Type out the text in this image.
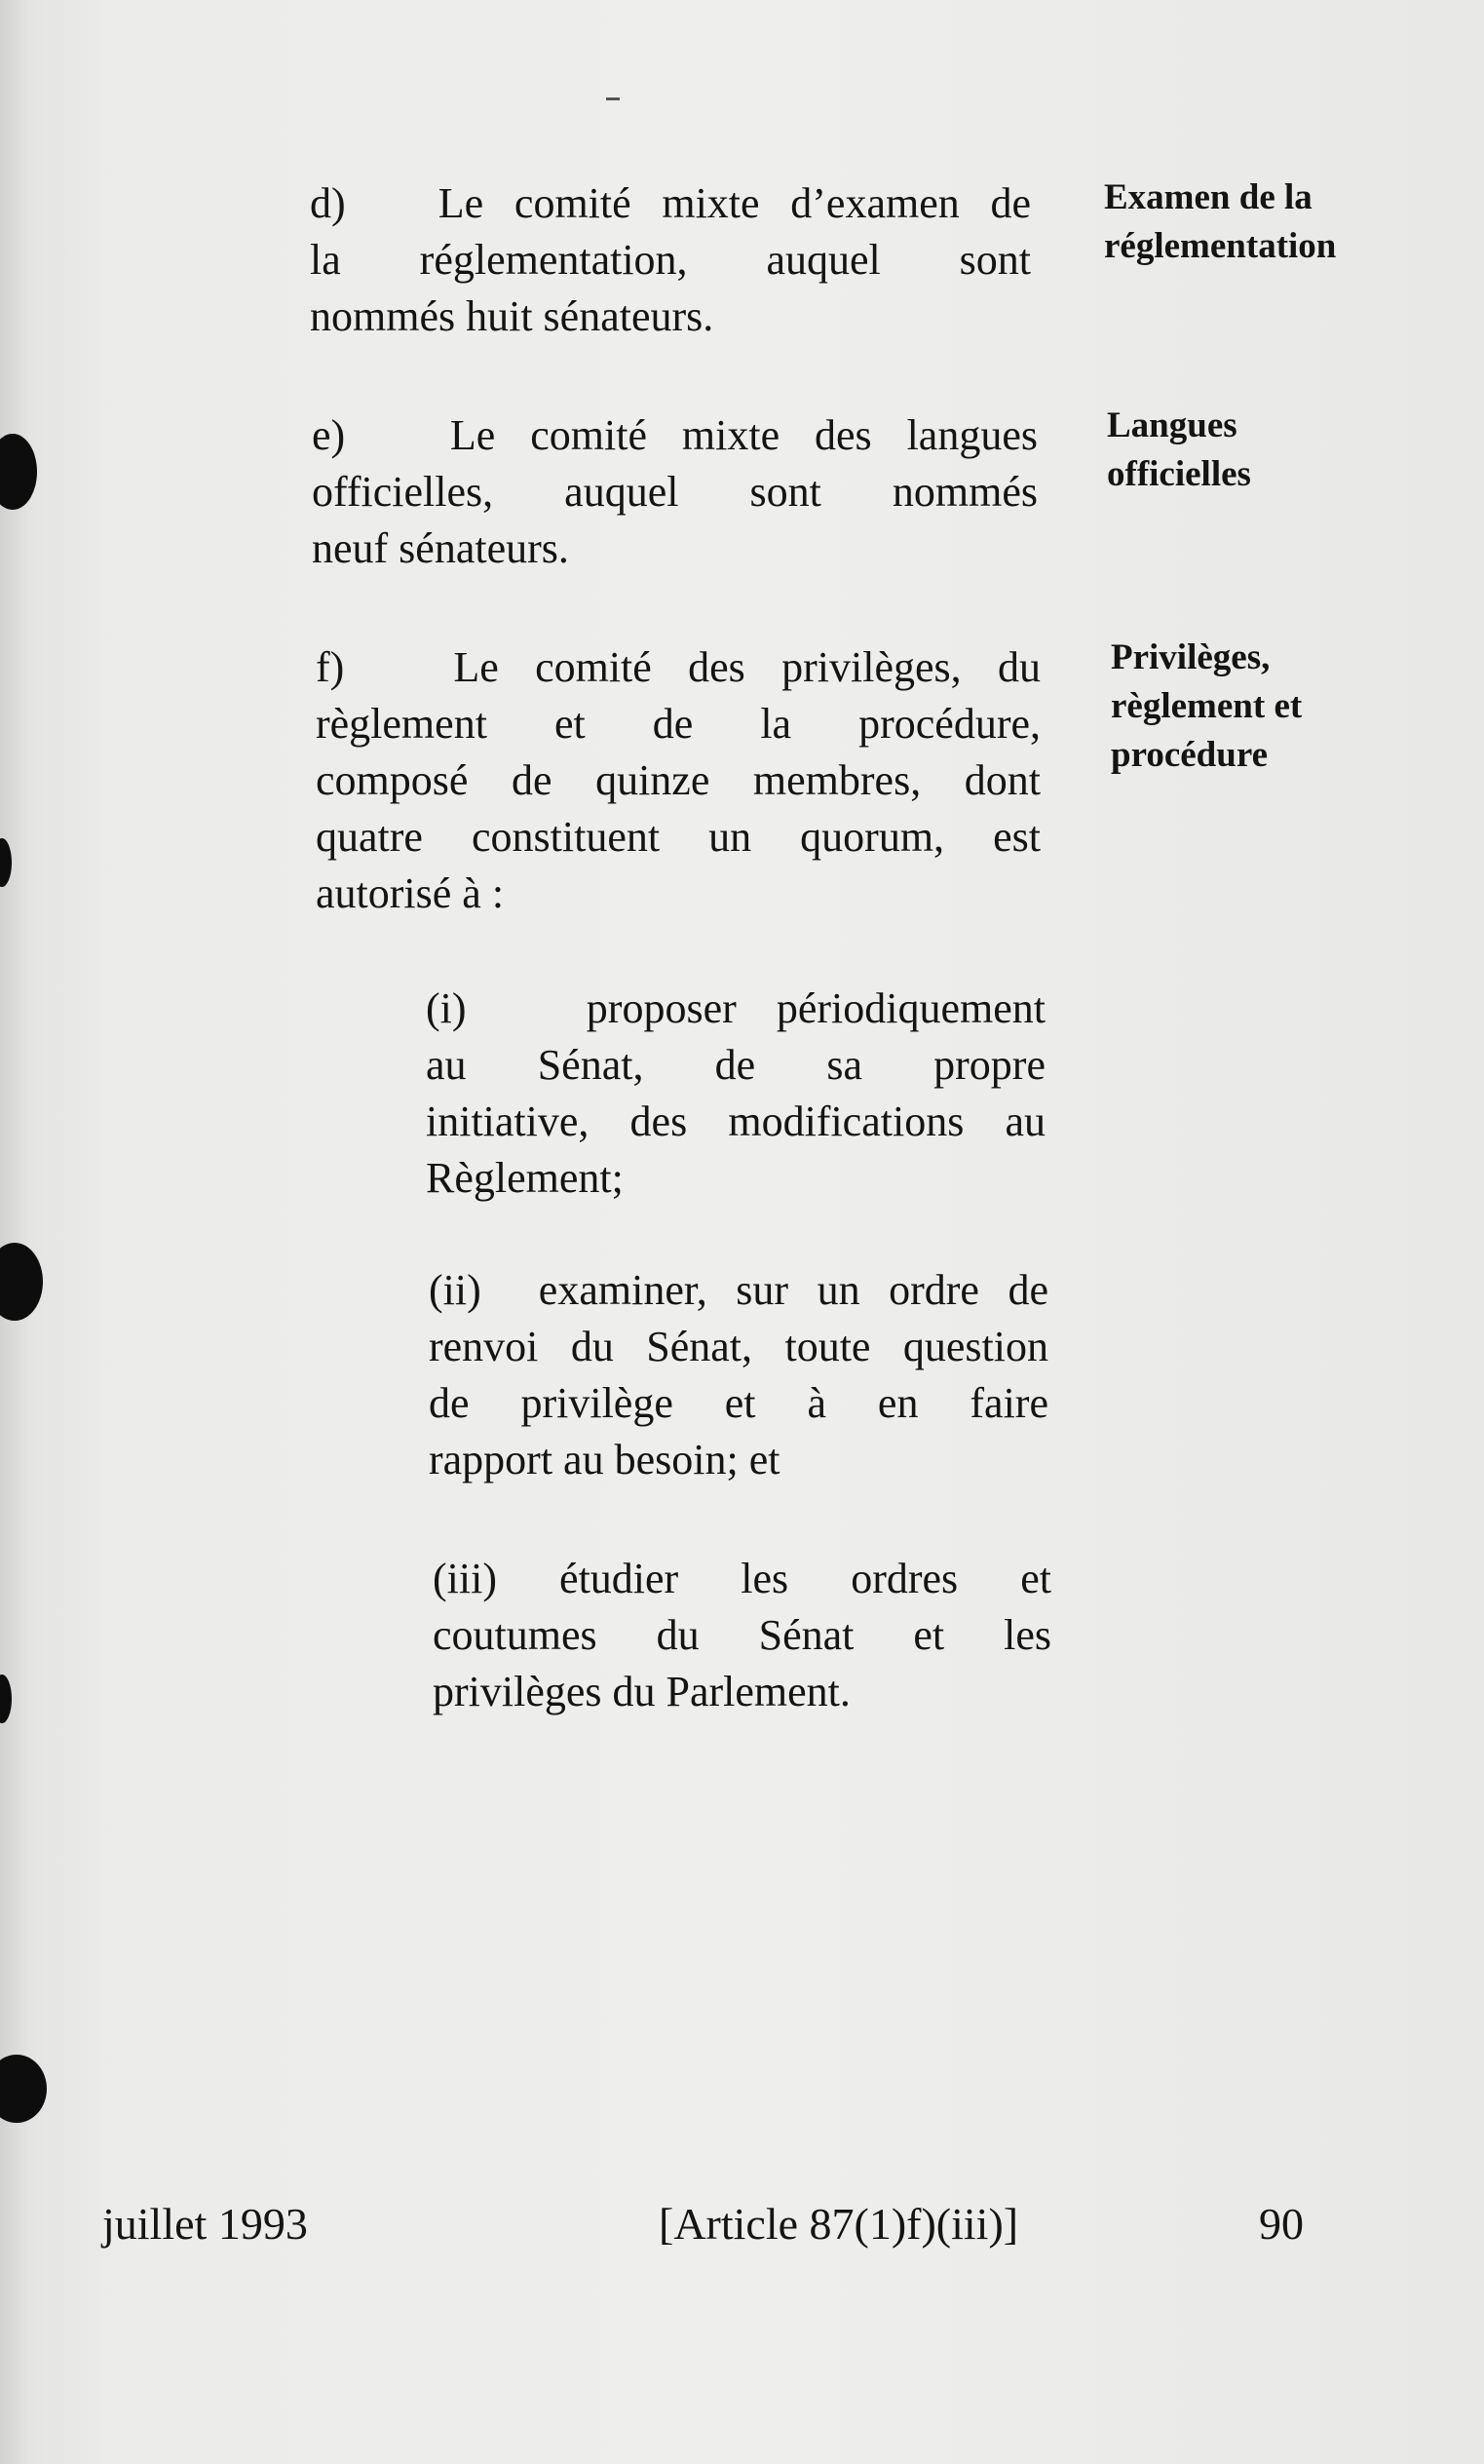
d)   Le comité mixte d’examen de
la réglementation, auquel sont
nommés huit sénateurs.
Examen de la
réglementation
e)   Le comité mixte des langues
officielles, auquel sont nommés
neuf sénateurs.
Langues
officielles
f)   Le comité des privilèges, du
règlement et de la procédure,
composé de quinze membres, dont
quatre constituent un quorum, est
autorisé à :
Privilèges,
règlement et
procédure
(i)   proposer périodiquement
au Sénat, de sa propre
initiative, des modifications au
Règlement;
(ii)  examiner, sur un ordre de
renvoi du Sénat, toute question
de privilège et à en faire
rapport au besoin; et
(iii) étudier les ordres et
coutumes du Sénat et les
privilèges du Parlement.
juillet 1993	[Article 87(1)f)(iii)]	90
